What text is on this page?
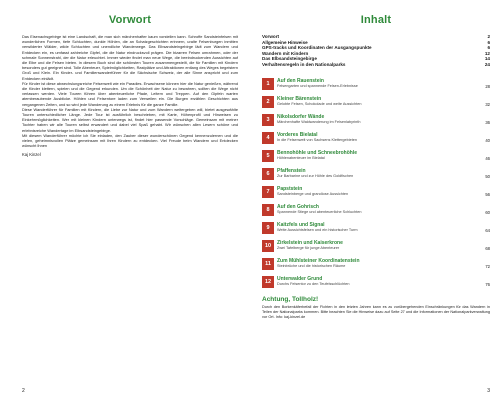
Vorwort

Das Eisenachsgebirge ist eine Landschaft, die man sich märchenhafter kaum vorstellen kann. Schroffe Sandsteinfelsen mit wunderlichen Formen, tiefe Schluchten, dunkle Höhlen, die an Schatzgeschichten erinnern, uralte Felsenburgen inmitten verwilderter Wälder, wilde Schluchten und unendliche Wanderwege. Das Elbsandsteingebirge lädt zum Wandern und Entdecken ein, es umfasst zahlreiche Gipfel, die die Natur eindrucksvoll prägen. Die bizarren Felsen umrahmen, oder der schmale Sonnenstrahl, der die Natur erleuchtet. Immer wieder findet man neue Wege, die beeindruckenden Aussichten auf die Elbe und die Felsen bieten. In diesem Buch sind die schönsten Touren zusammengestellt, die für Familien mit Kindern besonders gut geeignet sind. Tolle Abenteuer, Spielmöglichkeiten, Rastplätze und Attraktionen entlang des Weges begeistern Groß und Klein. Ein Kinder- und Familienwanderführer für die Sächsische Schweiz, der alle Sinne anspricht und zum Entdecken einlädt.

Für Kinder ist diese abwechslungsreiche Felsenwelt wie ein Paradies. Erwachsene können hier die Natur genießen, während die Kinder klettern, spielen und die Gegend erkunden. Um die Schönheit der Natur zu bewahren, sollten die Wege nicht verlassen werden. Viele Touren führen über abenteuerliche Pfade, Leitern und Treppen. Auf den Gipfeln warten atemberaubende Ausblicke. Höhlen und Felsentore laden zum Verweilen ein. Die Burgen erzählen Geschichten aus vergangenen Zeiten, und so wird jede Wanderung zu einem Erlebnis für die ganze Familie.

Diese Wanderführer für Familien mit Kindern, die Liebe zur Natur und zum Wandern weitergeben will, bietet ausgewählte Touren unterschiedlicher Länge. Jede Tour ist ausführlich beschrieben, mit Karte, Höhenprofil und Hinweisen zu Einkehrmöglichkeiten. Wer mit kleinen Kindern unterwegs ist, findet hier passende Vorschläge. Gemeinsam mit meiner Tochter haben wir alle Touren selbst erwandert und dabei viel Spaß gehabt. Wir wünschen allen Lesern schöne und erlebnisreiche Wandertage im Elbsandsteingebirge.

Mit diesem Wanderführer möchte ich Sie einladen, den Zauber dieser wunderschönen Gegend kennenzulernen und die vielen, geheimnisvollen Plätze gemeinsam mit Ihren Kindern zu entdecken. Viel Freude beim Wandern und Entdecken wünscht Ihnen

Kaj Kinzel
2
Inhalt
Vorwort	2
Allgemeine Hinweise	6
GPS-tracks und Koordinaten der Ausgangspunkte	6
Wandern mit Kindern	12
Das Elbsandsteingebirge	14
Verhaltensregeln in den Nationalparks	24
1	Auf den Rauenstein
Felsengarten und spannende Felsen-Erlebnisse	28
2	Kleiner Bärenstein
Gelobte Felsen, Schokolade und weite Aussichten	32
3	Nikolsdorfer Wände
Märchenhafte Waldwanderung im Felsenlabyrinth	36
4	Vorderes Bielatal
In die Felsenwelt von Sachsens Klettergebieten	40
5	Bennohöhle und Schneebrohöhle
Höhlenabenteuer im Bielatal	46
6	Pfaffenstein
Zur Barbarine und zur Höhle des Goldfischen	50
7	Papststein
Sandsteinberge und grandiose Aussichten	56
8	Auf den Gohrisch
Spannende Stiege und abenteuerliche Schluchten	60
9	Kaitzfels und Signal
Weite Aussichtsfelsen und ein historischer Turm	64
10	Zirkelstein und Kaiserkrone
Zwei Tafelberge für junge Abenteurer	68
11	Zum Mühlsteiner Koordinatenstein
Steinbrüche und die historischen Räume	72
12	Unterwalder Grund
Durchs Felsentor zu den Teufelsschlüchten	76
Achtung, Tollholz!
Durch den Borkenkäferbefall der Fichten in den letzten Jahren kann es zu vorübergehenden Einschränkungen für das Wandern in Teilen der Nationalparks kommen. Bitte beachten Sie die Hinweise dazu auf Seite 27 und die Informationen der Nationalparkverwaltung vor Ort. Info: kaj-kinzel.de
3
